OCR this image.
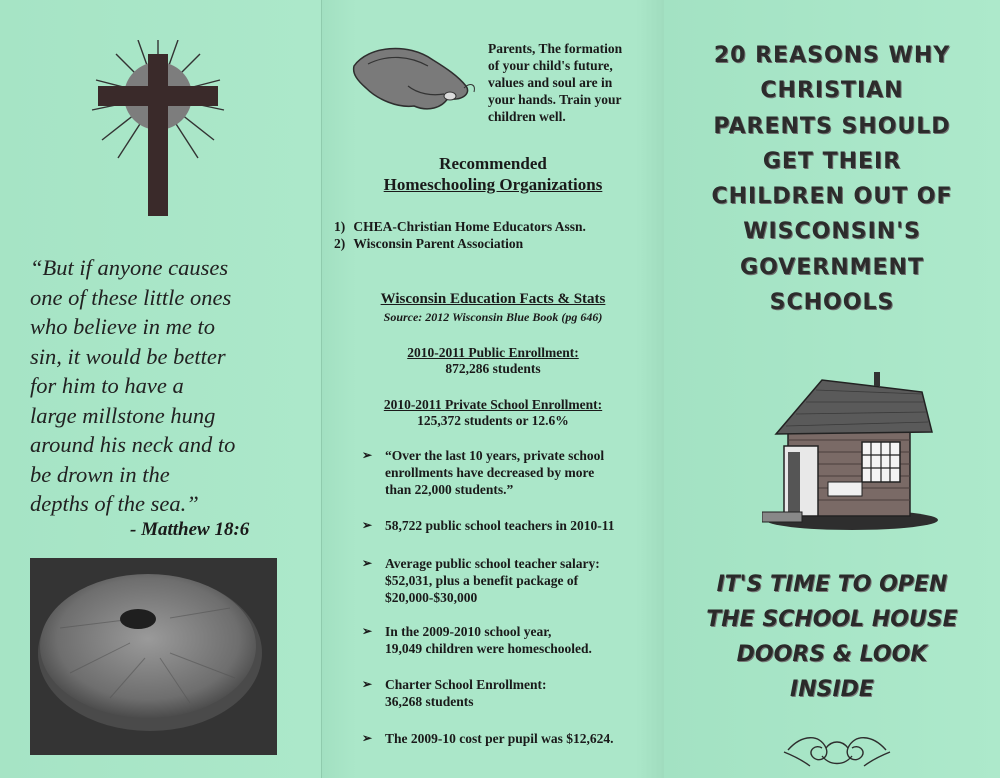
“But if anyone causes
one of these little ones
who believe in me to
sin, it would be better
for him to have a
large millstone hung
around his neck and to
be drown in the
depths of the sea.”
- Matthew 18:6
Parents, The formation
of your child's future,
values and soul are in
your hands. Train your
children well.
Recommended
Homeschooling Organizations
1) CHEA-Christian Home Educators Assn.
2) Wisconsin Parent Association
Wisconsin Education Facts & Stats
Source: 2012 Wisconsin Blue Book (pg 646)
2010-2011 Public Enrollment:
872,286 students
2010-2011 Private School Enrollment:
125,372 students or 12.6%
➢ “Over the last 10 years, private school
enrollments have decreased by more
than 22,000 students.”
➢ 58,722 public school teachers in 2010-11
➢ Average public school teacher salary:
$52,031, plus a benefit package of
$20,000-$30,000
➢ In the 2009-2010 school year,
19,049 children were homeschooled.
➢ Charter School Enrollment:
36,268 students
➢ The 2009-10 cost per pupil was $12,624.
20 REASONS WHY
CHRISTIAN
PARENTS SHOULD
GET THEIR
CHILDREN OUT OF
WISCONSIN'S
GOVERNMENT
SCHOOLS
IT'S TIME TO OPEN
THE SCHOOL HOUSE
DOORS & LOOK
INSIDE
